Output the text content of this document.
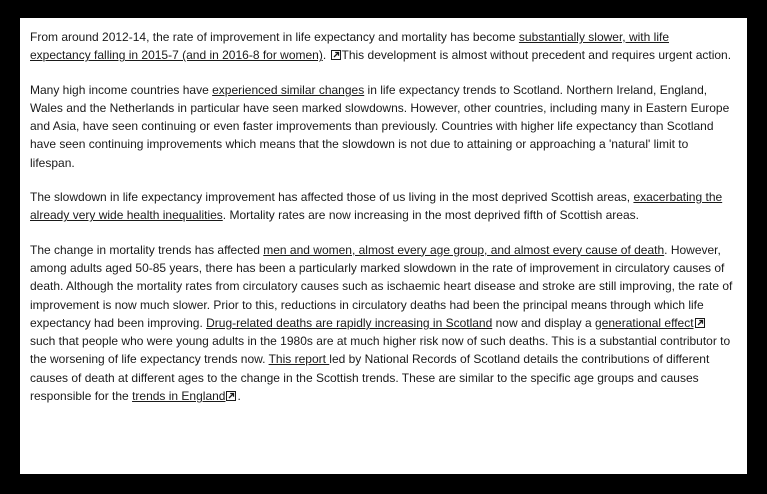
From around 2012-14, the rate of improvement in life expectancy and mortality has become substantially slower, with life expectancy falling in 2015-7 (and in 2016-8 for women).
This development is almost without precedent and requires urgent action.

Many high income countries have experienced similar changes in life expectancy trends to Scotland. Northern Ireland, England, Wales and the Netherlands in particular have seen marked slowdowns. However, other countries, including many in Eastern Europe and Asia, have seen continuing or even faster improvements than previously. Countries with higher life expectancy than Scotland have seen continuing improvements which means that the slowdown is not due to attaining or approaching a 'natural' limit to lifespan.

The slowdown in life expectancy improvement has affected those of us living in the most deprived Scottish areas, exacerbating the already very wide health inequalities. Mortality rates are now increasing in the most deprived fifth of Scottish areas.

The change in mortality trends has affected men and women, almost every age group, and almost every cause of death. However, among adults aged 50-85 years, there has been a particularly marked slowdown in the rate of improvement in circulatory causes of death. Although the mortality rates from circulatory causes such as ischaemic heart disease and stroke are still improving, the rate of improvement is now much slower. Prior to this, reductions in circulatory deaths had been the principal means through which life expectancy had been improving. Drug-related deaths are rapidly increasing in Scotland now and display a generational effect
such that people who were young adults in the 1980s are at much higher risk now of such deaths. This is a substantial contributor to the worsening of life expectancy trends now. This report led by National Records of Scotland details the contributions of different causes of death at different ages to the change in the Scottish trends. These are similar to the specific age groups and causes responsible for the trends in England .
